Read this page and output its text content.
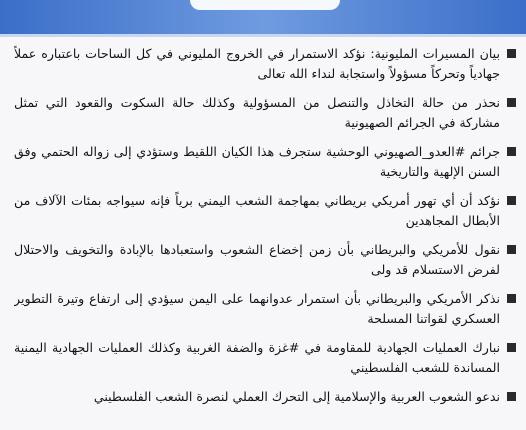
بيان المسيرات المليونية: نؤكد الاستمرار في الخروج المليوني في كل الساحات باعتباره عملاً جهادياً وتحركاً مسؤولاً واستجابة لنداء الله تعالى
نحذر من حالة التخاذل والتنصل من المسؤولية وكذلك حالة السكوت والقعود التي تمثل مشاركة في الجرائم الصهيونية
جرائم #العدو_الصهيوني الوحشية ستجرف هذا الكيان اللقيط وستؤدي إلى زواله الحتمي وفق السنن الإلهية والتاريخية
نؤكد أن أي تهور أمريكي بريطاني بمهاجمة الشعب اليمني برياً فإنه سيواجه بمئات الآلاف من الأبطال المجاهدين
نقول للأمريكي والبريطاني بأن زمن إخضاع الشعوب واستعبادها بالإبادة والتخويف والاحتلال لفرض الاستسلام قد ولى
نذكر الأمريكي والبريطاني بأن استمرار عدوانهما على اليمن سيؤدي إلى ارتفاع وتيرة التطوير العسكري لقواتنا المسلحة
نبارك العمليات الجهادية للمقاومة في #غزة والضفة الغربية وكذلك العمليات الجهادية اليمنية المساندة للشعب الفلسطيني
ندعو الشعوب العربية والإسلامية إلى التحرك العملي لنصرة الشعب الفلسطيني
